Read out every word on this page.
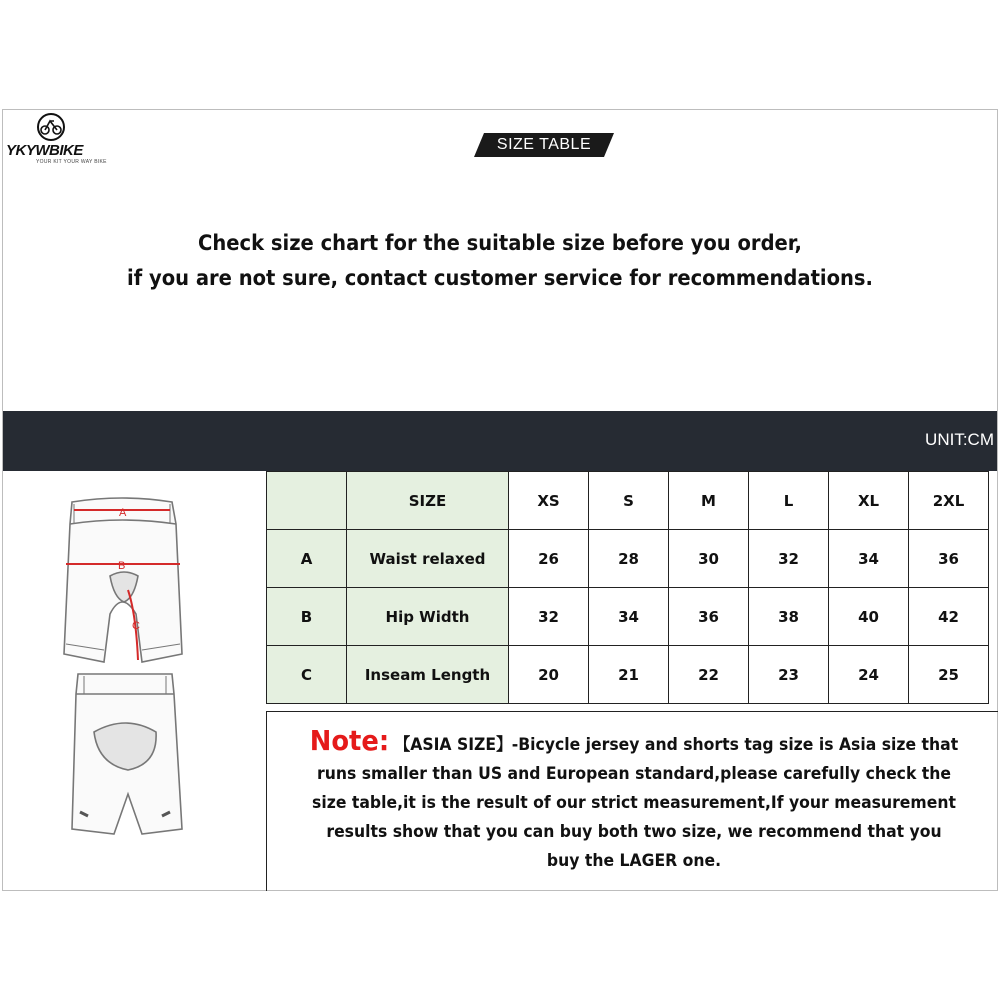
YKYWBIKE
YOUR KIT YOUR WAY BIKE
SIZE TABLE
Check size chart for the suitable size before you order,
if you are not sure, contact customer service for recommendations.
UNIT:CM
A
B
C
	SIZE	XS	S	M	L	XL	2XL
A	Waist relaxed	26	28	30	32	34	36
B	Hip Width	32	34	36	38	40	42
C	Inseam Length	20	21	22	23	24	25
Note: 【ASIA SIZE】-Bicycle jersey and shorts tag size is Asia size that runs smaller than US and European standard,please carefully check the size table,it is the result of our strict measurement,If your measurement results show that you can buy both two size, we recommend that you buy the LAGER one.
